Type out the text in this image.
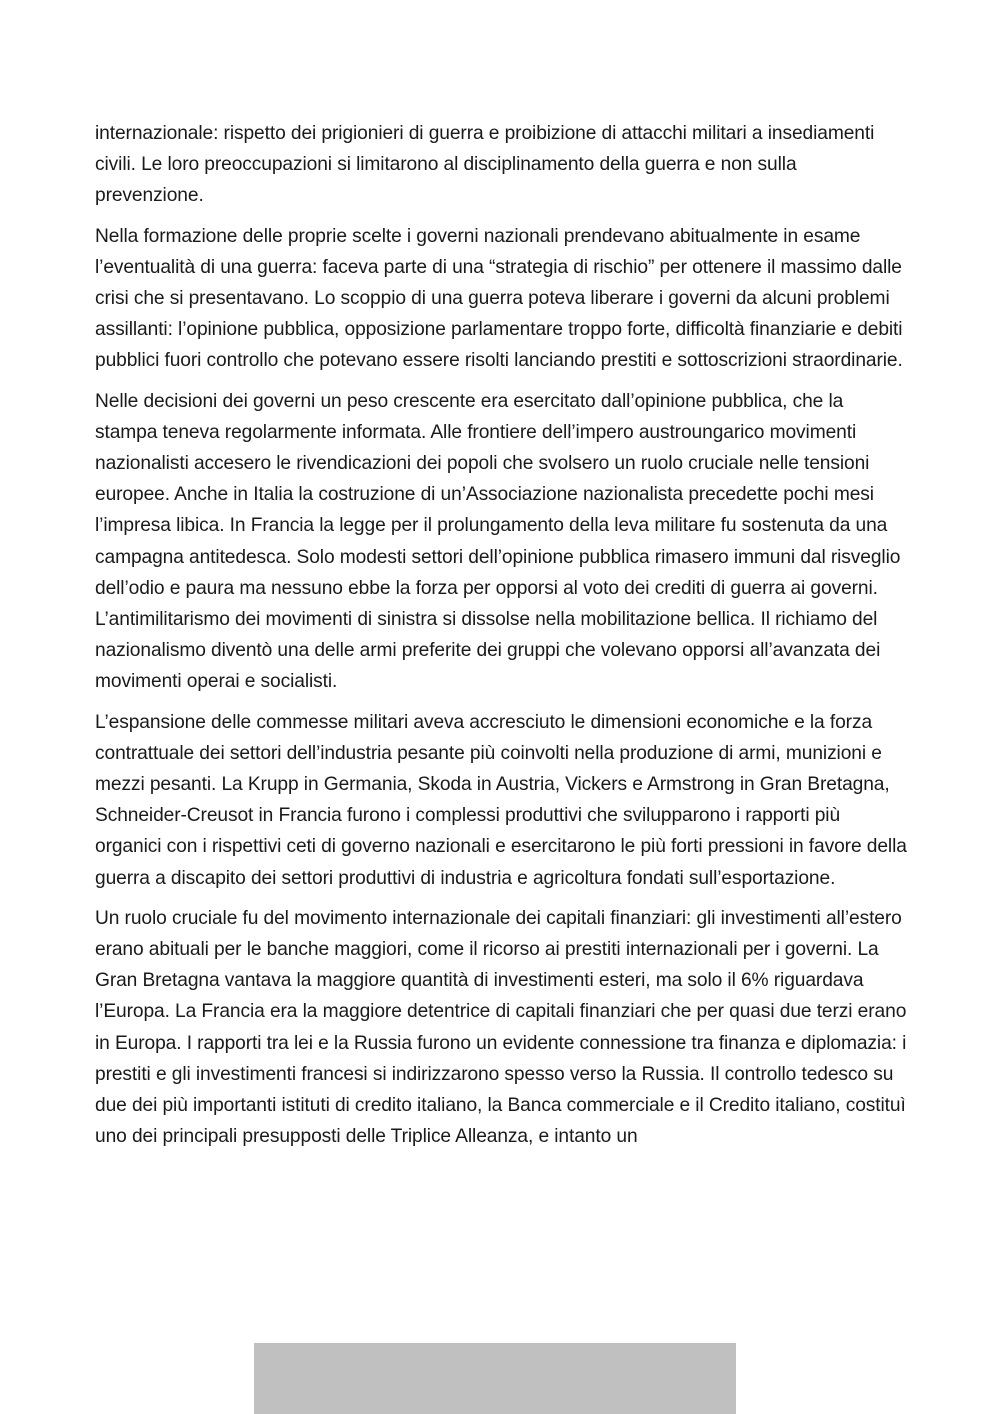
internazionale: rispetto dei prigionieri di guerra e proibizione di attacchi militari a insediamenti civili. Le loro preoccupazioni si limitarono al disciplinamento della guerra e non sulla prevenzione.

Nella formazione delle proprie scelte i governi nazionali prendevano abitualmente in esame l’eventualità di una guerra: faceva parte di una “strategia di rischio” per ottenere il massimo dalle crisi che si presentavano. Lo scoppio di una guerra poteva liberare i governi da alcuni problemi assillanti: l’opinione pubblica, opposizione parlamentare troppo forte, difficoltà finanziarie e debiti pubblici fuori controllo che potevano essere risolti lanciando prestiti e sottoscrizioni straordinarie.

Nelle decisioni dei governi un peso crescente era esercitato dall’opinione pubblica, che la stampa teneva regolarmente informata. Alle frontiere dell’impero austroungarico movimenti nazionalisti accesero le rivendicazioni dei popoli che svolsero un ruolo cruciale nelle tensioni europee. Anche in Italia la costruzione di un’Associazione nazionalista precedette pochi mesi l’impresa libica. In Francia la legge per il prolungamento della leva militare fu sostenuta da una campagna antitedesca. Solo modesti settori dell’opinione pubblica rimasero immuni dal risveglio dell’odio e paura ma nessuno ebbe la forza per opporsi al voto dei crediti di guerra ai governi. L’antimilitarismo dei movimenti di sinistra si dissolse nella mobilitazione bellica. Il richiamo del nazionalismo diventò una delle armi preferite dei gruppi che volevano opporsi all’avanzata dei movimenti operai e socialisti.

L’espansione delle commesse militari aveva accresciuto le dimensioni economiche e la forza contrattuale dei settori dell’industria pesante più coinvolti nella produzione di armi, munizioni e mezzi pesanti. La Krupp in Germania, Skoda in Austria, Vickers e Armstrong in Gran Bretagna, Schneider-Creusot in Francia furono i complessi produttivi che svilupparono i rapporti più organici con i rispettivi ceti di governo nazionali e esercitarono le più forti pressioni in favore della guerra a discapito dei settori produttivi di industria e agricoltura fondati sull’esportazione.

Un ruolo cruciale fu del movimento internazionale dei capitali finanziari: gli investimenti all’estero erano abituali per le banche maggiori, come il ricorso ai prestiti internazionali per i governi. La Gran Bretagna vantava la maggiore quantità di investimenti esteri, ma solo il 6% riguardava l’Europa. La Francia era la maggiore detentrice di capitali finanziari che per quasi due terzi erano in Europa. I rapporti tra lei e la Russia furono un evidente connessione tra finanza e diplomazia: i prestiti e gli investimenti francesi si indirizzarono spesso verso la Russia. Il controllo tedesco su due dei più importanti istituti di credito italiano, la Banca commerciale e il Credito italiano, costituì uno dei principali presupposti delle Triplice Alleanza, e intanto un
